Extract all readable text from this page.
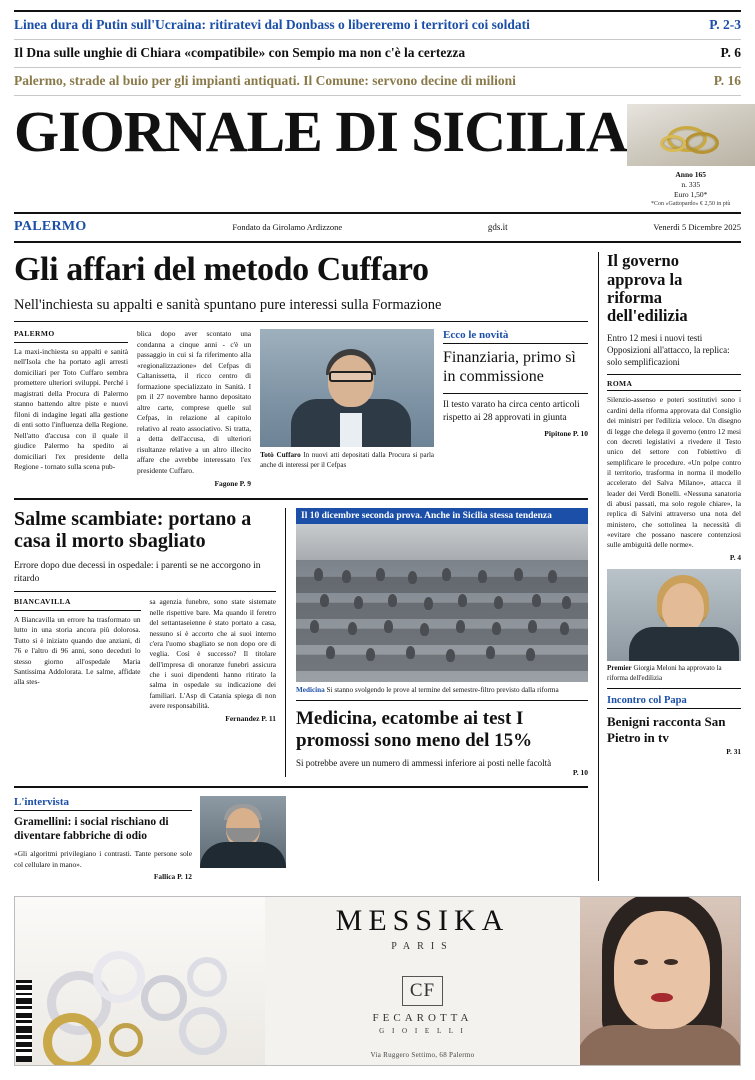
Linea dura di Putin sull'Ucraina: ritiratevi dal Donbass o libereremo i territori coi soldati	P. 2-3
Il Dna sulle unghie di Chiara «compatibile» con Sempio ma non c'è la certezza	P. 6
Palermo, strade al buio per gli impianti antiquati. Il Comune: servono decine di milioni	P. 16
GIORNALE DI SICILIA
Anno 165
n. 335
Euro 1,50*
*Con «Gattopardo» € 2,50 in più
PALERMO	Fondato da Girolamo Ardizzone	gds.it	Venerdì 5 Dicembre 2025
Gli affari del metodo Cuffaro
Nell'inchiesta su appalti e sanità spuntano pure interessi sulla Formazione
PALERMO
La maxi-inchiesta su appalti e sanità nell'Isola che ha portato agli arresti domiciliari per Toto Cuffaro sembra promettere ulteriori sviluppi. Perché i magistrati della Procura di Palermo stanno battendo altre piste e nuovi filoni di indagine legati alla gestione di enti sotto l'influenza della Regione. Nell'atto d'accusa con il quale il giudice Palermo ha spedito ai domiciliari l'ex presidente della Regione - tornato sulla scena pub-
blica dopo aver scontato una condanna a cinque anni - c'è un passaggio in cui si fa riferimento alla «regionalizzazione» del Cefpas di Caltanissetta, il ricco centro di formazione specializzato in Sanità. I pm il 27 novembre hanno depositato altre carte, comprese quelle sul Cefpas, in relazione al capitolo relativo al reato associativo. Si tratta, a detta dell'accusa, di ulteriori risultanze relative a un altro illecito affare che avrebbe interessato l'ex presidente Cuffaro.
Fagone P. 9
Totò Cuffaro In nuovi atti depositati dalla Procura si parla anche di interessi per il Cefpas
Ecco le novità
Finanziaria, primo sì in commissione
Il testo varato ha circa cento articoli rispetto ai 28 approvati in giunta
Pipitone P. 10
Salme scambiate: portano a casa il morto sbagliato
Errore dopo due decessi in ospedale: i parenti se ne accorgono in ritardo
BIANCAVILLA
A Biancavilla un errore ha trasformato un lutto in una storia ancora più dolorosa. Tutto si è iniziato quando due anziani, di 76 e l'altro di 96 anni, sono deceduti lo stesso giorno all'ospedale Maria Santissima Addolorata. Le salme, affidate alla stes-
sa agenzia funebre, sono state sistemate nelle rispettive bare. Ma quando il feretro del settantaseienne è stato portato a casa, nessuno si è accorto che ai suoi interno c'era l'uomo sbagliato se non dopo ore di veglia. Così è successo? Il titolare dell'impresa di onoranze funebri assicura che i suoi dipendenti hanno ritirato la salma in ospedale su indicazione dei familiari. L'Asp di Catania spiega di non avere responsabilità.
Fernandez P. 11
Il 10 dicembre seconda prova. Anche in Sicilia stessa tendenza
Medicina Si stanno svolgendo le prove al termine del semestre-filtro previsto dalla riforma
Medicina, ecatombe ai test I promossi sono meno del 15%
Si potrebbe avere un numero di ammessi inferiore ai posti nelle facoltà
P. 10
L'intervista
Gramellini: i social rischiano di diventare fabbriche di odio
«Gli algoritmi privilegiano i contrasti. Tante persone sole col cellulare in mano».
Fallica P. 12
Il governo approva la riforma dell'edilizia
Entro 12 mesi i nuovi testi Opposizioni all'attacco, la replica: solo semplificazioni
ROMA
Silenzio-assenso e poteri sostitutivi sono i cardini della riforma approvata dal Consiglio dei ministri per l'edilizia veloce. Un disegno di legge che delega il governo (entro 12 mesi con decreti legislativi a rivedere il Testo unico del settore con l'obiettivo di semplificare le procedure. «Un polpe contro il territorio, trasforma in norma il modello accelerato del Salva Milano», attacca il leader dei Verdi Bonelli. «Nessuna sanatoria di abusi passati, ma solo regole chiare», la replica di Salvini attraverso una nota del ministero, che sottolinea la necessità di «evitare che possano nascere contenziosi sulle ambiguità delle norme».
P. 4
Premier Giorgia Meloni ha approvato la riforma dell'edilizia
Incontro col Papa
Benigni racconta San Pietro in tv
P. 31
MESSIKA
PARIS
CF
FECAROTTA
G I O I E L L I
Via Ruggero Settimo, 68 Palermo
